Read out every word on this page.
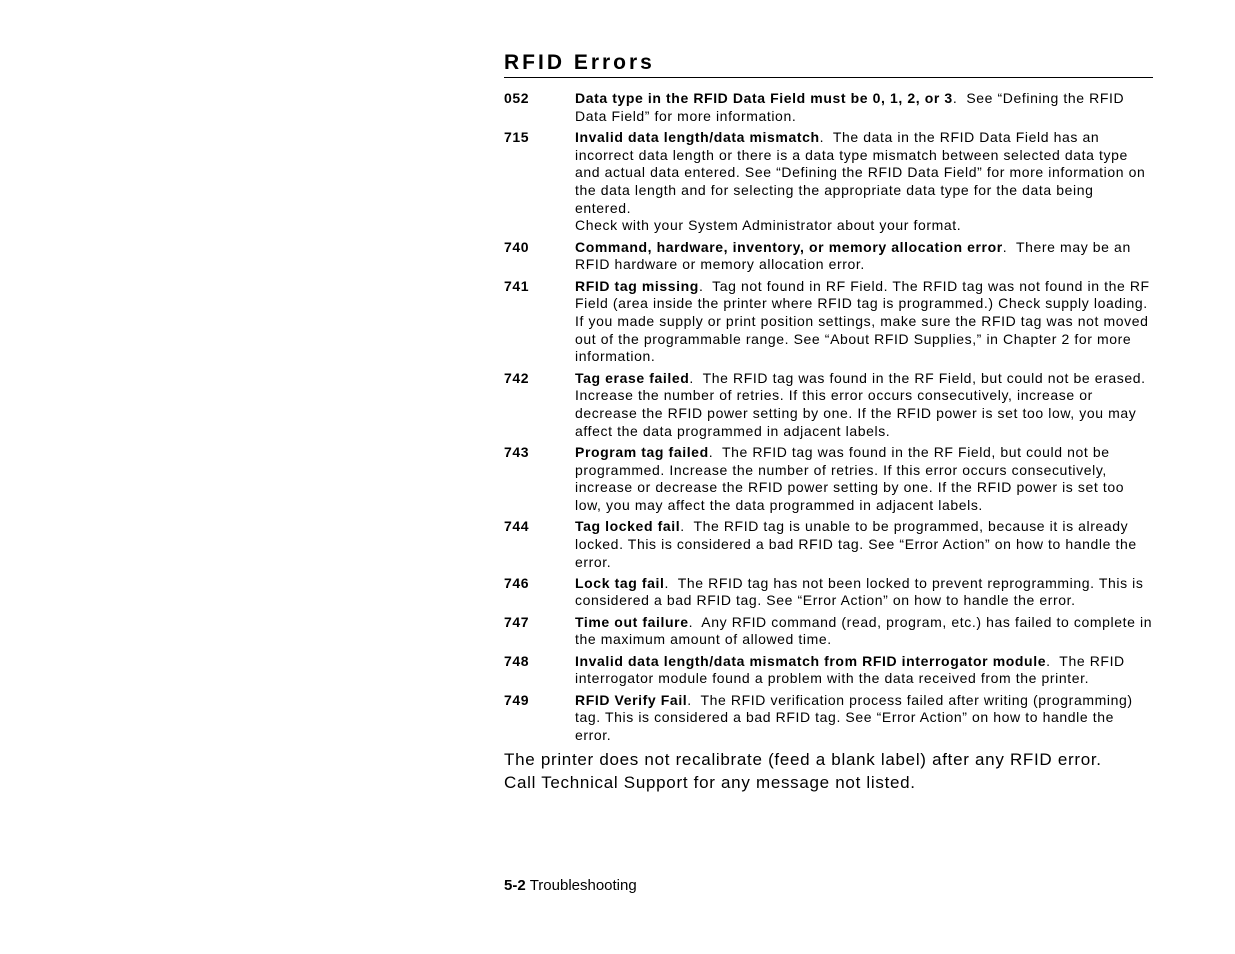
RFID Errors
052	Data type in the RFID Data Field must be 0, 1, 2, or 3.  See “Defining the RFID Data Field” for more information.
715	Invalid data length/data mismatch.  The data in the RFID Data Field has an incorrect data length or there is a data type mismatch between selected data type and actual data entered. See “Defining the RFID Data Field” for more information on the data length and for selecting the appropriate data type for the data being entered.
Check with your System Administrator about your format.
740	Command, hardware, inventory, or memory allocation error.  There may be an RFID hardware or memory allocation error.
741	RFID tag missing.  Tag not found in RF Field. The RFID tag was not found in the RF Field (area inside the printer where RFID tag is programmed.) Check supply loading. If you made supply or print position settings, make sure the RFID tag was not moved out of the programmable range. See “About RFID Supplies,” in Chapter 2 for more information.
742	Tag erase failed.  The RFID tag was found in the RF Field, but could not be erased. Increase the number of retries. If this error occurs consecutively, increase or decrease the RFID power setting by one. If the RFID power is set too low, you may affect the data programmed in adjacent labels.
743	Program tag failed.  The RFID tag was found in the RF Field, but could not be programmed. Increase the number of retries. If this error occurs consecutively, increase or decrease the RFID power setting by one. If the RFID power is set too low, you may affect the data programmed in adjacent labels.
744	Tag locked fail.  The RFID tag is unable to be programmed, because it is already locked. This is considered a bad RFID tag. See “Error Action” on how to handle the error.
746	Lock tag fail.  The RFID tag has not been locked to prevent reprogramming. This is considered a bad RFID tag. See “Error Action” on how to handle the error.
747	Time out failure.  Any RFID command (read, program, etc.) has failed to complete in the maximum amount of allowed time.
748	Invalid data length/data mismatch from RFID interrogator module.  The RFID interrogator module found a problem with the data received from the printer.
749	RFID Verify Fail.  The RFID verification process failed after writing (programming) tag. This is considered a bad RFID tag. See “Error Action” on how to handle the error.

The printer does not recalibrate (feed a blank label) after any RFID error.

Call Technical Support for any message not listed.

5-2 Troubleshooting
